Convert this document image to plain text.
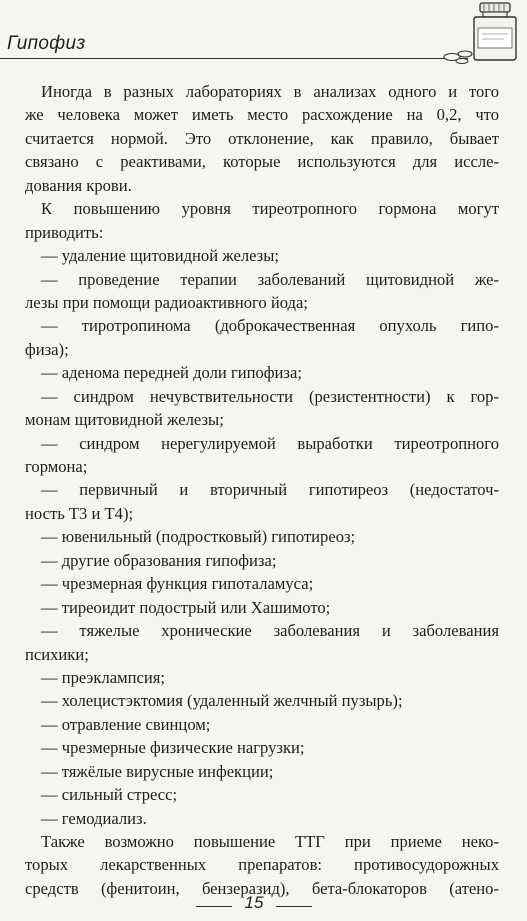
Гипофиз
Иногда в разных лабораториях в анализах одного и того
же человека может иметь место расхождение на 0,2, что
считается нормой. Это отклонение, как правило, бывает
связано с реактивами, которые используются для иссле-
дования крови.
К повышению уровня тиреотропного гормона могут
приводить:
— удаление щитовидной железы;
— проведение терапии заболеваний щитовидной же-
лезы при помощи радиоактивного йода;
— тиротропинома (доброкачественная опухоль гипо-
физа);
— аденома передней доли гипофиза;
— синдром нечувствительности (резистентности) к гор-
монам щитовидной железы;
— синдром нерегулируемой выработки тиреотропного
гормона;
— первичный и вторичный гипотиреоз (недостаточ-
ность Т3 и Т4);
— ювенильный (подростковый) гипотиреоз;
— другие образования гипофиза;
— чрезмерная функция гипоталамуса;
— тиреоидит подострый или Хашимото;
— тяжелые хронические заболевания и заболевания
психики;
— преэклампсия;
— холецистэктомия (удаленный желчный пузырь);
— отравление свинцом;
— чрезмерные физические нагрузки;
— тяжёлые вирусные инфекции;
— сильный стресс;
— гемодиализ.
Также возможно повышение ТТГ при приеме неко-
торых лекарственных препаратов: противосудорожных
средств (фенитоин, бензеразид), бета-блокаторов (атено-
15
